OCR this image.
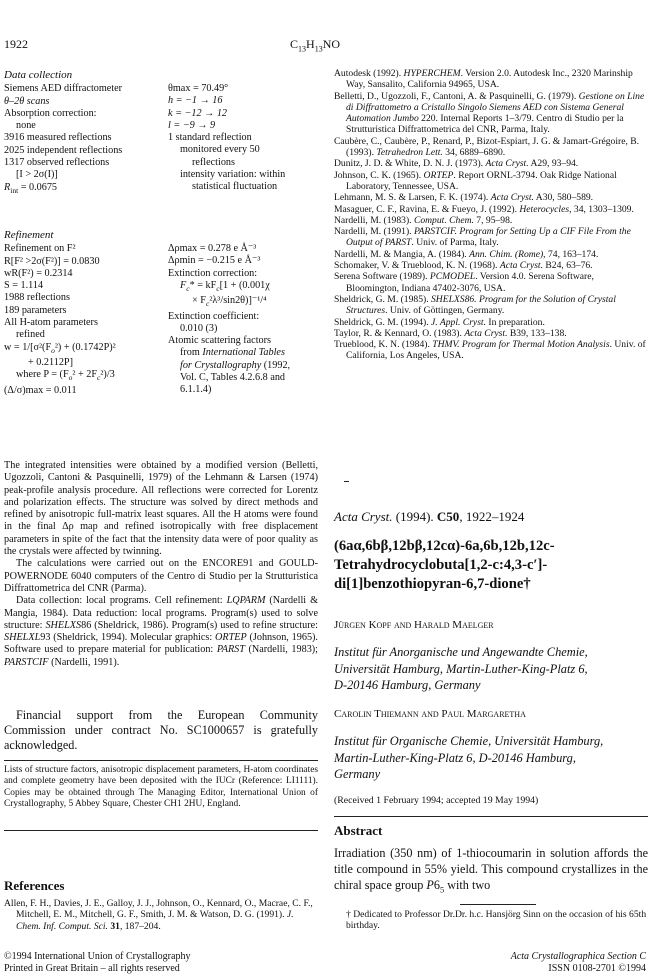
1922	$C_{13}H_{13}NO$
Data collection
Siemens AED diffractometer
θ–2θ scans
Absorption correction:
none
3916 measured reflections
2025 independent reflections
1317 observed reflections
[I > 2σ(I)]
$R_{int} = 0.0675$
θmax = 70.49°
h = −1 → 16
k = −12 → 12
l = −9 → 9
1 standard reflection
monitored every 50
reflections
intensity variation: within
statistical fluctuation
Refinement
Refinement on F²
R[F² >2σ(F²)] = 0.0830
wR(F²) = 0.2314
S = 1.114
1988 reflections
189 parameters
All H-atom parameters
refined
$w = 1/[\sigma^2(F_o^2) + (0.1742P)^2$
+ 0.2112P]
where $P = (F_o^2 + 2F_c^2)/3$
(Δ/σ)max = 0.011
Δρmax = 0.278 e Å⁻³
Δρmin = −0.215 e Å⁻³
Extinction correction:
$F_c* = kF_c[1 + (0.001\chi$
× $F_c^2\lambda^3/\sin 2\theta)]^{-1}/^4$
Extinction coefficient:
0.010 (3)
Atomic scattering factors
from International Tables
for Crystallography (1992,
Vol. C, Tables 4.2.6.8 and
6.1.1.4)

The integrated intensities were obtained by a modified version (Belletti, Ugozzoli, Cantoni & Pasquinelli, 1979) of the Lehmann & Larsen (1974) peak-profile analysis procedure. All reflections were corrected for Lorentz and polarization effects. The structure was solved by direct methods and refined by anisotropic full-matrix least squares. All the H atoms were found in the final Δρ map and refined isotropically with free displacement parameters in spite of the fact that the intensity data were of poor quality as the crystals were affected by twinning.

The calculations were carried out on the ENCORE91 and GOULD-POWERNODE 6040 computers of the Centro di Studio per la Strutturistica Diffrattometrica del CNR (Parma).

Data collection: local programs. Cell refinement: LQPARM (Nardelli & Mangia, 1984). Data reduction: local programs. Program(s) used to solve structure: SHELXS86 (Sheldrick, 1986). Program(s) used to refine structure: SHELXL93 (Sheldrick, 1994). Molecular graphics: ORTEP (Johnson, 1965). Software used to prepare material for publication: PARST (Nardelli, 1983); PARSTCIF (Nardelli, 1991).

Financial support from the European Community Commission under contract No. SC1000657 is gratefully acknowledged.

Lists of structure factors, anisotropic displacement parameters, H-atom coordinates and complete geometry have been deposited with the IUCr (Reference: LI1111). Copies may be obtained through The Managing Editor, International Union of Crystallography, 5 Abbey Square, Chester CH1 2HU, England.
References
Allen, F. H., Davies, J. E., Galloy, J. J., Johnson, O., Kennard, O., Macrae, C. F., Mitchell, E. M., Mitchell, G. F., Smith, J. M. & Watson, D. G. (1991). J. Chem. Inf. Comput. Sci. 31, 187–204.
©1994 International Union of Crystallography
Printed in Great Britain – all rights reserved
Autodesk (1992). HYPERCHEM. Version 2.0. Autodesk Inc., 2320 Marinship Way, Sansalito, California 94965, USA.
Belletti, D., Ugozzoli, F., Cantoni, A. & Pasquinelli, G. (1979). Gestione on Line di Diffrattometro a Cristallo Singolo Siemens AED con Sistema General Automation Jumbo 220. Internal Reports 1–3/79. Centro di Studio per la Strutturistica Diffrattometrica del CNR, Parma, Italy.
Caubère, C., Caubère, P., Renard, P., Bizot-Espiart, J. G. & Jamart-Grégoire, B. (1993). Tetrahedron Lett. 34, 6889–6890.
Dunitz, J. D. & White, D. N. J. (1973). Acta Cryst. A29, 93–94.
Johnson, C. K. (1965). ORTEP. Report ORNL-3794. Oak Ridge National Laboratory, Tennessee, USA.
Lehmann, M. S. & Larsen, F. K. (1974). Acta Cryst. A30, 580–589.
Masaguer, C. F., Ravina, E. & Fueyo, J. (1992). Heterocycles, 34, 1303–1309.
Nardelli, M. (1983). Comput. Chem. 7, 95–98.
Nardelli, M. (1991). PARSTCIF. Program for Setting Up a CIF File From the Output of PARST. Univ. of Parma, Italy.
Nardelli, M. & Mangia, A. (1984). Ann. Chim. (Rome), 74, 163–174.
Schomaker, V. & Trueblood, K. N. (1968). Acta Cryst. B24, 63–76.
Serena Software (1989). PCMODEL. Version 4.0. Serena Software, Bloomington, Indiana 47402-3076, USA.
Sheldrick, G. M. (1985). SHELXS86. Program for the Solution of Crystal Structures. Univ. of Göttingen, Germany.
Sheldrick, G. M. (1994). J. Appl. Cryst. In preparation.
Taylor, R. & Kennard, O. (1983). Acta Cryst. B39, 133–138.
Trueblood, K. N. (1984). THMV. Program for Thermal Motion Analysis. Univ. of California, Los Angeles, USA.
Acta Cryst. (1994). C50, 1922–1924
(6aα,6bβ,12bβ,12cα)-6a,6b,12b,12c-
Tetrahydrocyclobuta[1,2-c:4,3-c′]-
di[1]benzothiopyran-6,7-dione†
Jürgen Kopf and Harald Maelger
Institut für Anorganische und Angewandte Chemie,
Universität Hamburg, Martin-Luther-King-Platz 6,
D-20146 Hamburg, Germany
Carolin Thiemann and Paul Margaretha
Institut für Organische Chemie, Universität Hamburg,
Martin-Luther-King-Platz 6, D-20146 Hamburg,
Germany
(Received 1 February 1994; accepted 19 May 1994)
Abstract
Irradiation (350 nm) of 1-thiocoumarin in solution affords the title compound in 55% yield. This compound crystallizes in the chiral space group $P6_5$ with two
† Dedicated to Professor Dr.Dr. h.c. Hansjörg Sinn on the occasion of his 65th birthday.
Acta Crystallographica Section C
ISSN 0108-2701 ©1994
